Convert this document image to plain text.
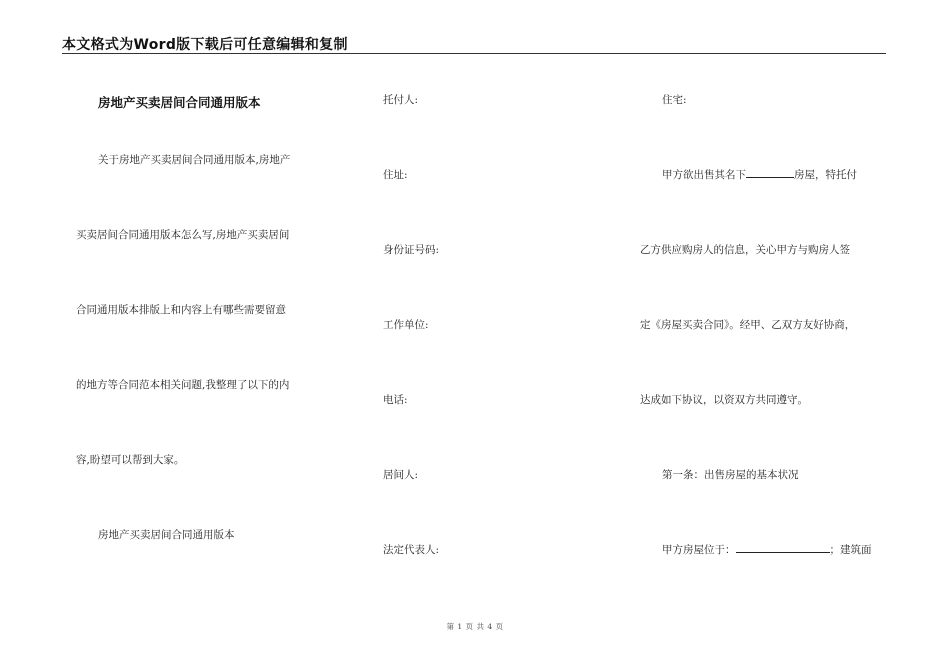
本文格式为Word版下载后可任意编辑和复制
房地产买卖居间合同通用版本
关于房地产买卖居间合同通用版本,房地产
买卖居间合同通用版本怎么写,房地产买卖居间
合同通用版本排版上和内容上有哪些需要留意
的地方等合同范本相关问题,我整理了以下的内
容,盼望可以帮到大家。
房地产买卖居间合同通用版本
托付人:
住址:
身份证号码:
工作单位:
电话:
居间人:
法定代表人:
住宅:
甲方欲出售其名下	房屋，特托付
乙方供应购房人的信息，关心甲方与购房人签
定《房屋买卖合同》。经甲、乙双方友好协商，
达成如下协议，以资双方共同遵守。
第一条：出售房屋的基本状况
甲方房屋位于：	；建筑面
第 1 页 共 4 页
